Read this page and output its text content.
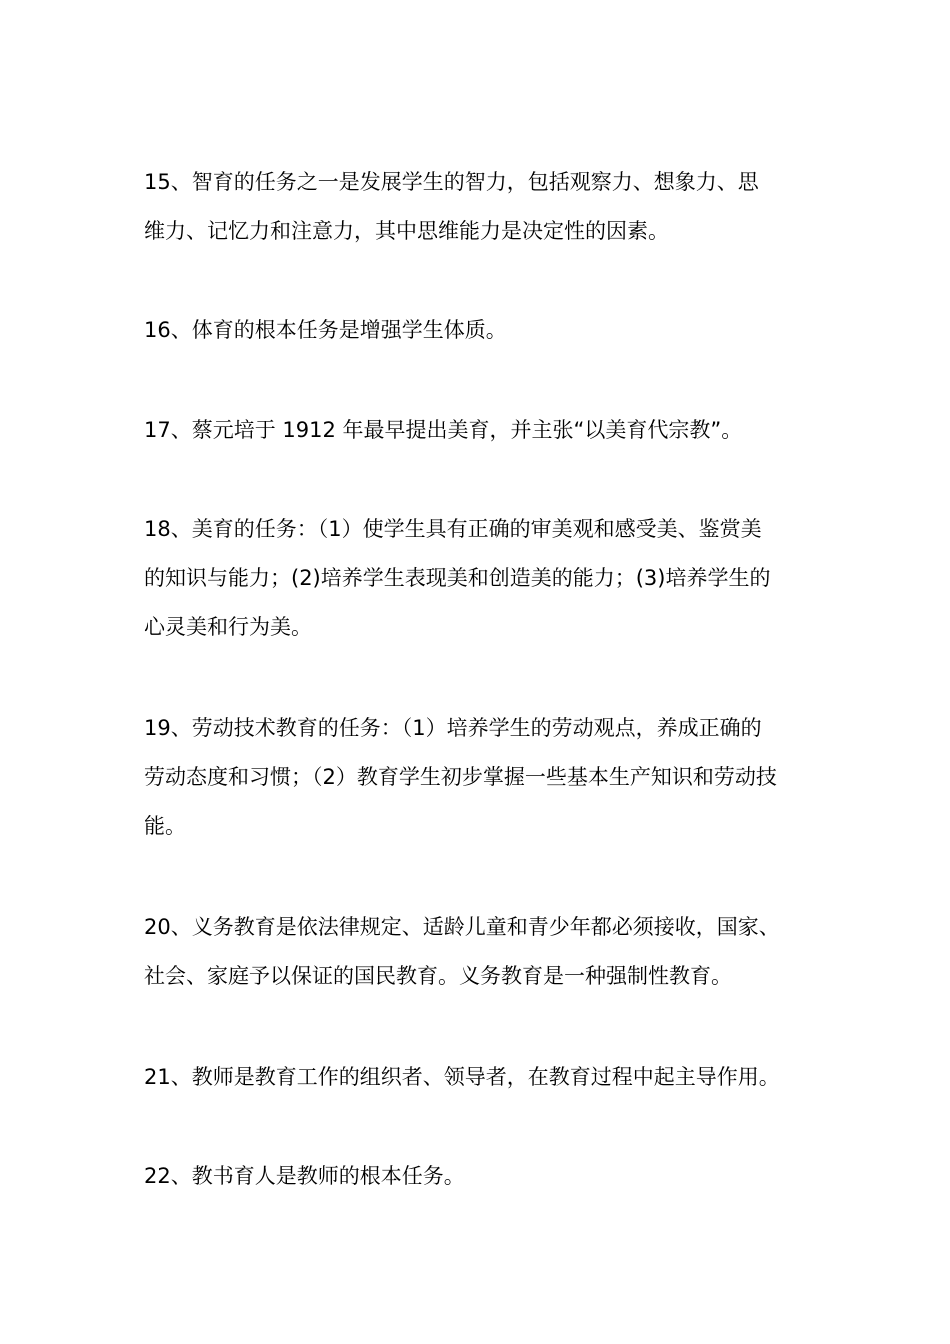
15、智育的任务之一是发展学生的智力，包括观察力、想象力、思
维力、记忆力和注意力，其中思维能力是决定性的因素。
16、体育的根本任务是增强学生体质。
17、蔡元培于 1912 年最早提出美育，并主张“以美育代宗教”。
18、美育的任务：（1）使学生具有正确的审美观和感受美、鉴赏美
的知识与能力；(2)培养学生表现美和创造美的能力；(3)培养学生的
心灵美和行为美。
19、劳动技术教育的任务：（1）培养学生的劳动观点，养成正确的
劳动态度和习惯；（2）教育学生初步掌握一些基本生产知识和劳动技
能。
20、义务教育是依法律规定、适龄儿童和青少年都必须接收，国家、
社会、家庭予以保证的国民教育。义务教育是一种强制性教育。
21、教师是教育工作的组织者、领导者，在教育过程中起主导作用。
22、教书育人是教师的根本任务。
